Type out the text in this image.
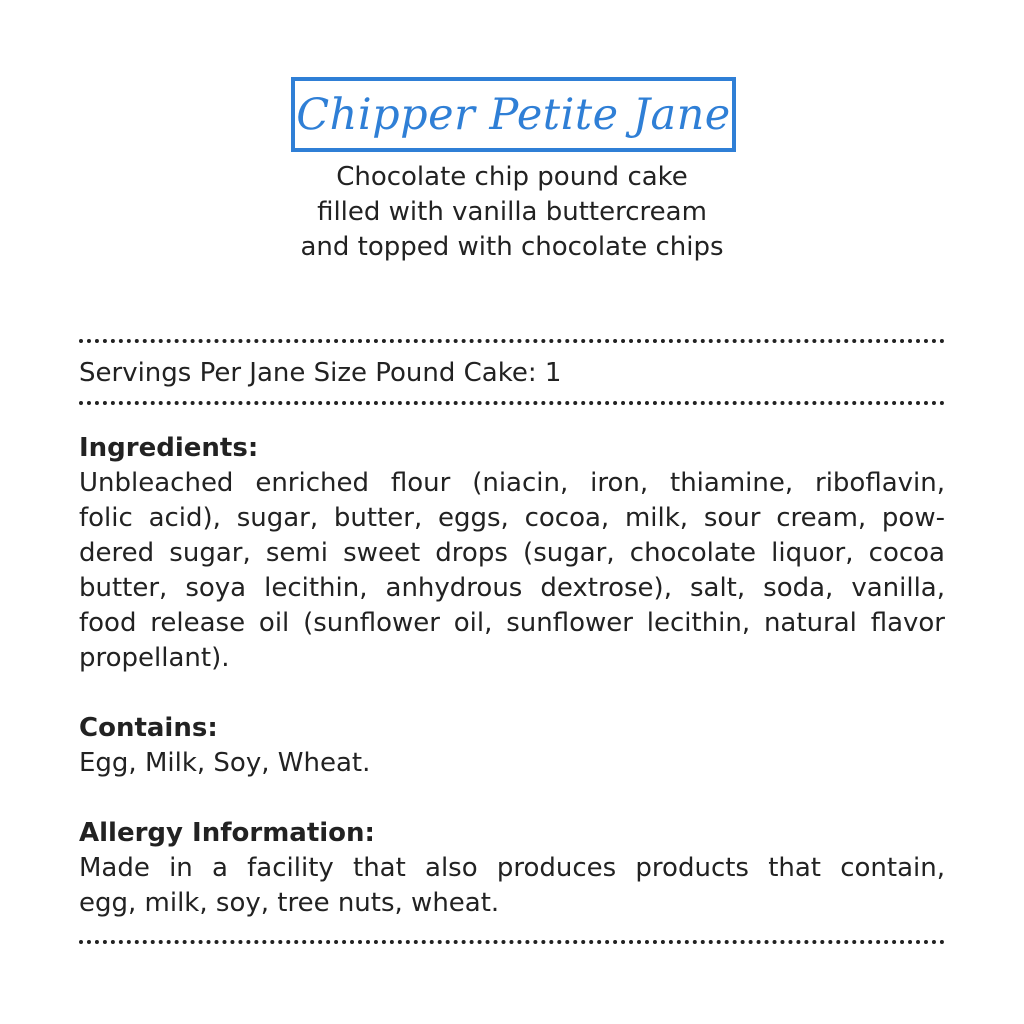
Chipper Petite Jane
Chocolate chip pound cake
filled with vanilla buttercream
and topped with chocolate chips
Servings Per Jane Size Pound Cake: 1
Ingredients:
Unbleached enriched flour (niacin, iron, thiamine, riboflavin,
folic acid), sugar, butter, eggs, cocoa, milk, sour cream, pow-
dered sugar, semi sweet drops (sugar, chocolate liquor, cocoa
butter, soya lecithin, anhydrous dextrose), salt, soda, vanilla,
food release oil (sunflower oil, sunflower lecithin, natural flavor
propellant).
Contains:
Egg, Milk, Soy, Wheat.
Allergy Information:
Made in a facility that also produces products that contain,
egg, milk, soy, tree nuts, wheat.
